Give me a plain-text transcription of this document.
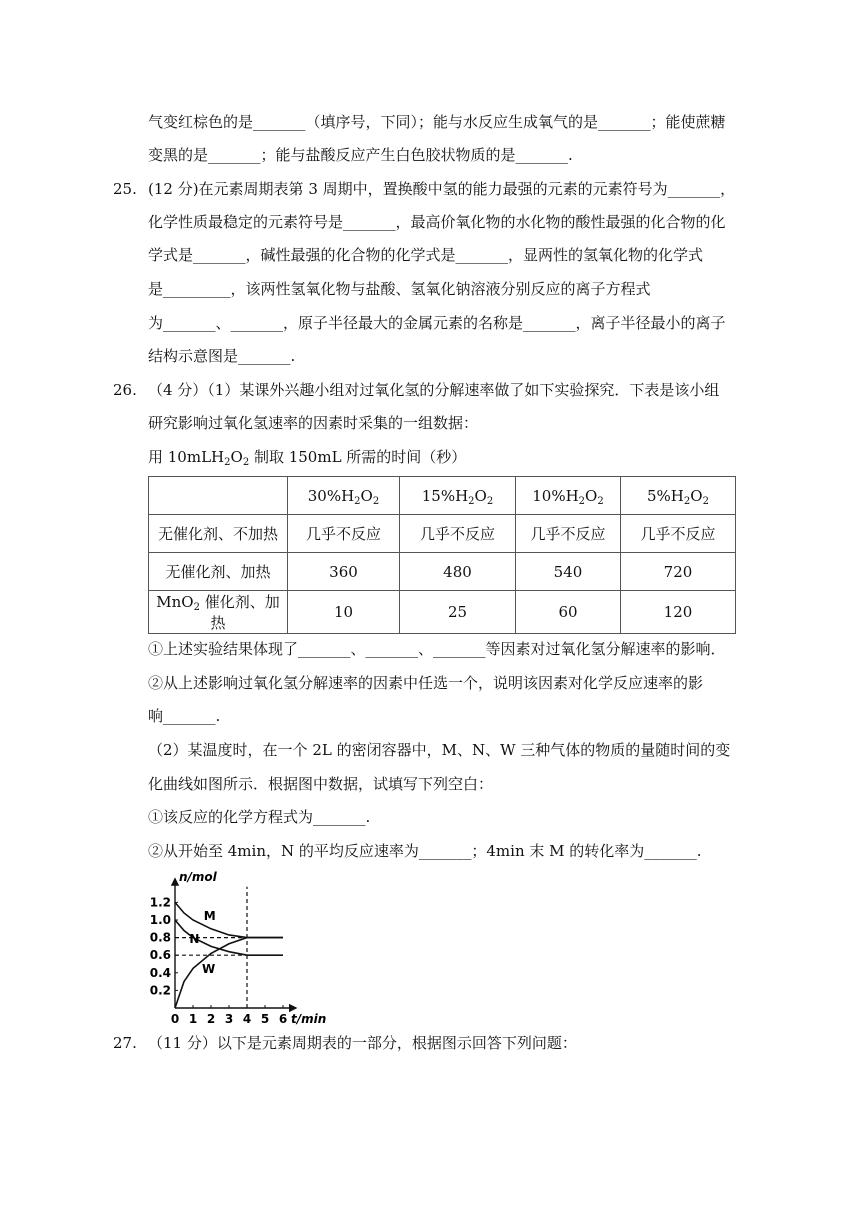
气变红棕色的是_______（填序号，下同）；能与水反应生成氧气的是_______；能使蔗糖
变黑的是_______；能与盐酸反应产生白色胶状物质的是_______.
25. (12 分)在元素周期表第 3 周期中，置换酸中氢的能力最强的元素的元素符号为_______，
化学性质最稳定的元素符号是_______，最高价氧化物的水化物的酸性最强的化合物的化
学式是_______，碱性最强的化合物的化学式是_______，显两性的氢氧化物的化学式
是_________，该两性氢氧化物与盐酸、氢氧化钠溶液分别反应的离子方程式
为_______、_______，原子半径最大的金属元素的名称是_______，离子半径最小的离子
结构示意图是_______.
26. （4 分）（1）某课外兴趣小组对过氧化氢的分解速率做了如下实验探究．下表是该小组
研究影响过氧化氢速率的因素时采集的一组数据：
用 $10mLH_2O_2$ 制取 150mL 所需的时间（秒）
	$30\%H_2O_2$	$15\%H_2O_2$	$10\%H_2O_2$	$5\%H_2O_2$
无催化剂、不加热	几乎不反应	几乎不反应	几乎不反应	几乎不反应
无催化剂、加热	360	480	540	720
MnO$_2$ 催化剂、加热	10	25	60	120
①上述实验结果体现了_______、_______、_______等因素对过氧化氢分解速率的影响．
②从上述影响过氧化氢分解速率的因素中任选一个，说明该因素对化学反应速率的影
响_______.
（2）某温度时，在一个 2L 的密闭容器中，M、N、W 三种气体的物质的量随时间的变
化曲线如图所示．根据图中数据，试填写下列空白：
①该反应的化学方程式为_______.
②从开始至 4min，N 的平均反应速率为_______；4min 末 M 的转化率为_______.
n/mol
t/min
0 1 2 3 4 5 6
0.2
0.4
0.6
0.8
1.0
1.2
M
N
W
27. （11 分）以下是元素周期表的一部分，根据图示回答下列问题：
